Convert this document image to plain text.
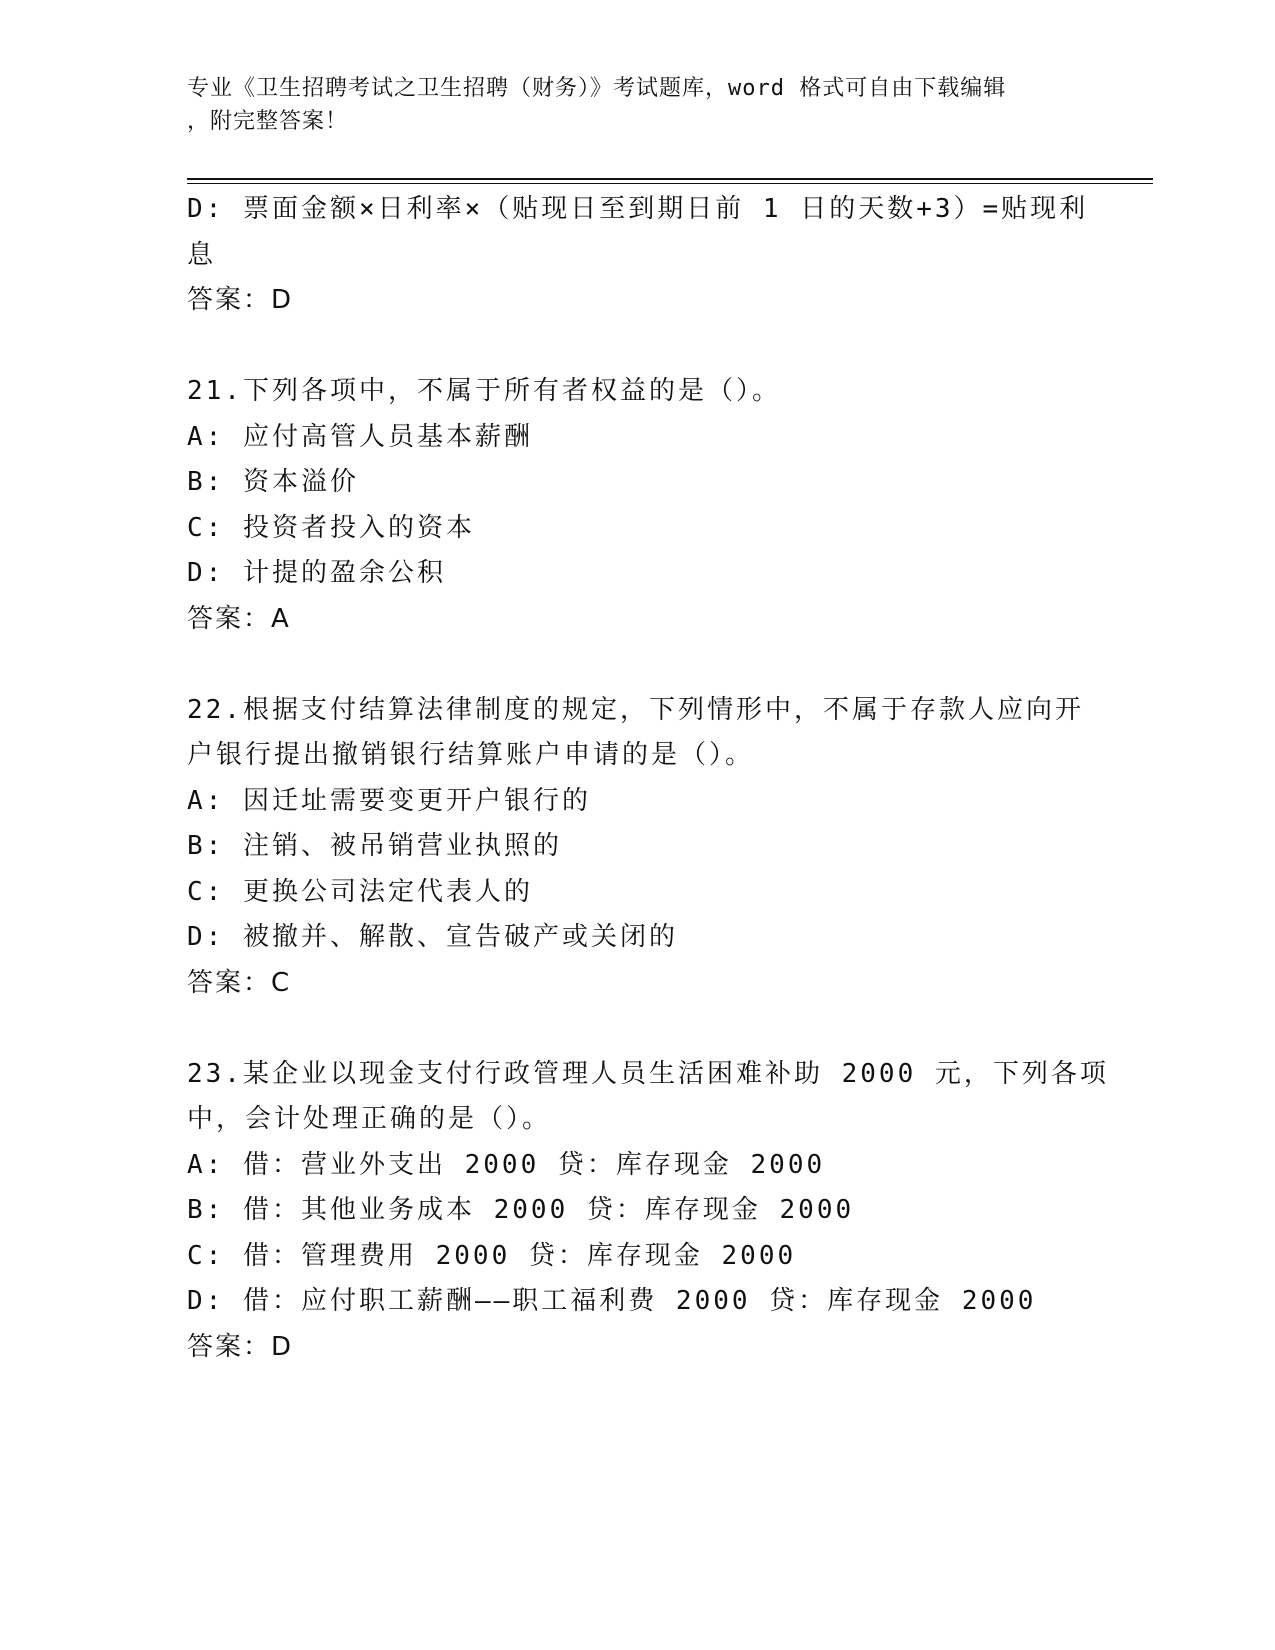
专业《卫生招聘考试之卫生招聘（财务）》考试题库，word 格式可自由下载编辑
，附完整答案！
D: 票面金额×日利率×（贴现日至到期日前 1 日的天数+3）=贴现利
息
答案：D
21.下列各项中，不属于所有者权益的是（）。
A: 应付高管人员基本薪酬
B: 资本溢价
C: 投资者投入的资本
D: 计提的盈余公积
答案：A
22.根据支付结算法律制度的规定，下列情形中，不属于存款人应向开
户银行提出撤销银行结算账户申请的是（）。
A: 因迁址需要变更开户银行的
B: 注销、被吊销营业执照的
C: 更换公司法定代表人的
D: 被撤并、解散、宣告破产或关闭的
答案：C
23.某企业以现金支付行政管理人员生活困难补助 2000 元，下列各项
中，会计处理正确的是（）。
A: 借：营业外支出 2000 贷：库存现金 2000
B: 借：其他业务成本 2000 贷：库存现金 2000
C: 借：管理费用 2000 贷：库存现金 2000
D: 借：应付职工薪酬——职工福利费 2000 贷：库存现金 2000
答案：D
